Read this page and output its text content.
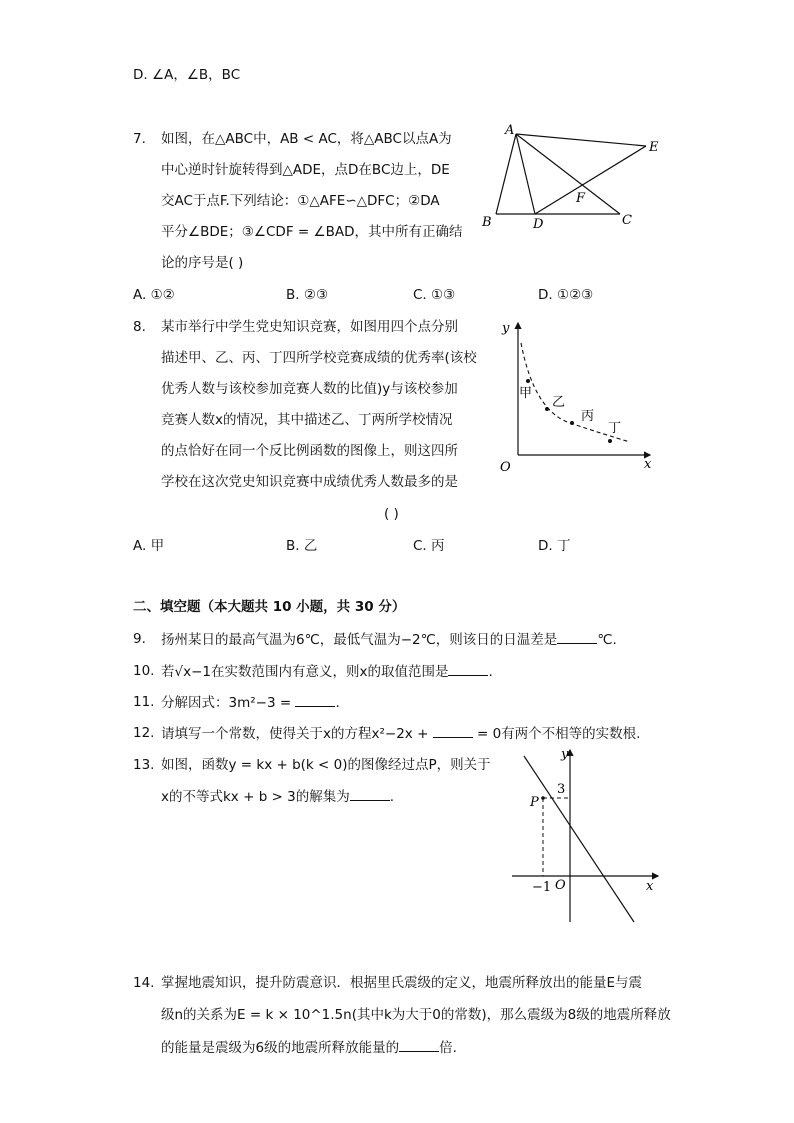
D. ∠A，∠B，BC
7. 如图，在△ABC中，AB < AC，将△ABC以点A为
中心逆时针旋转得到△ADE，点D在BC边上，DE
交AC于点F.下列结论：①△AFE∽△DFC；②DA
平分∠BDE；③∠CDF = ∠BAD，其中所有正确结
论的序号是( )
A
E
F
B	D	C
A. ①②	B. ②③	C. ①③	D. ①②③
8. 某市举行中学生党史知识竞赛，如图用四个点分别
描述甲、乙、丙、丁四所学校竞赛成绩的优秀率(该校
优秀人数与该校参加竞赛人数的比值)y与该校参加
竞赛人数x的情况，其中描述乙、丁两所学校情况
的点恰好在同一个反比例函数的图像上，则这四所
学校在这次党史知识竞赛中成绩优秀人数最多的是
( )
y
x
O
甲
乙
丙
丁
A. 甲	B. 乙	C. 丙	D. 丁
二、填空题（本大题共 10 小题，共 30 分）
9. 扬州某日的最高气温为6℃，最低气温为−2℃，则该日的日温差是	℃.
10. 若√x−1在实数范围内有意义，则x的取值范围是	.
11. 分解因式：3m²−3 =	.
12. 请填写一个常数，使得关于x的方程x²−2x +	= 0有两个不相等的实数根.
13. 如图，函数y = kx + b(k < 0)的图像经过点P，则关于
x的不等式kx + b > 3的解集为	.
y
x
O
P
3
−1
14. 掌握地震知识，提升防震意识．根据里氏震级的定义，地震所释放出的能量E与震
级n的关系为E = k × 10^1.5n(其中k为大于0的常数)，那么震级为8级的地震所释放
的能量是震级为6级的地震所释放能量的	倍.
